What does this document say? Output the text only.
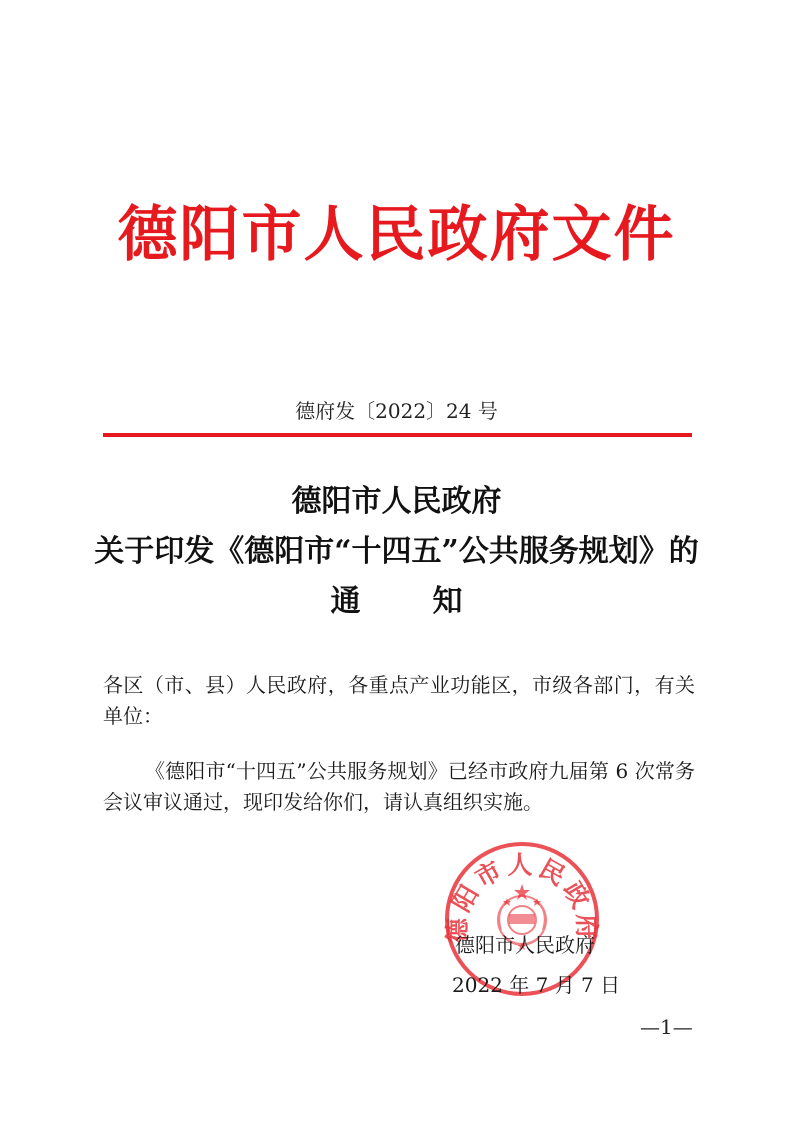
德阳市人民政府文件
德府发〔2022〕24 号
德阳市人民政府
关于印发《德阳市“十四五”公共服务规划》的
通 知

各区（市、县）人民政府，各重点产业功能区，市级各部门，有关单位：

《德阳市“十四五”公共服务规划》已经市政府九届第 6 次常务会议审议通过，现印发给你们，请认真组织实施。

德阳市人民政府
德阳市人民政府
2022 年 7 月 7 日
—1—
